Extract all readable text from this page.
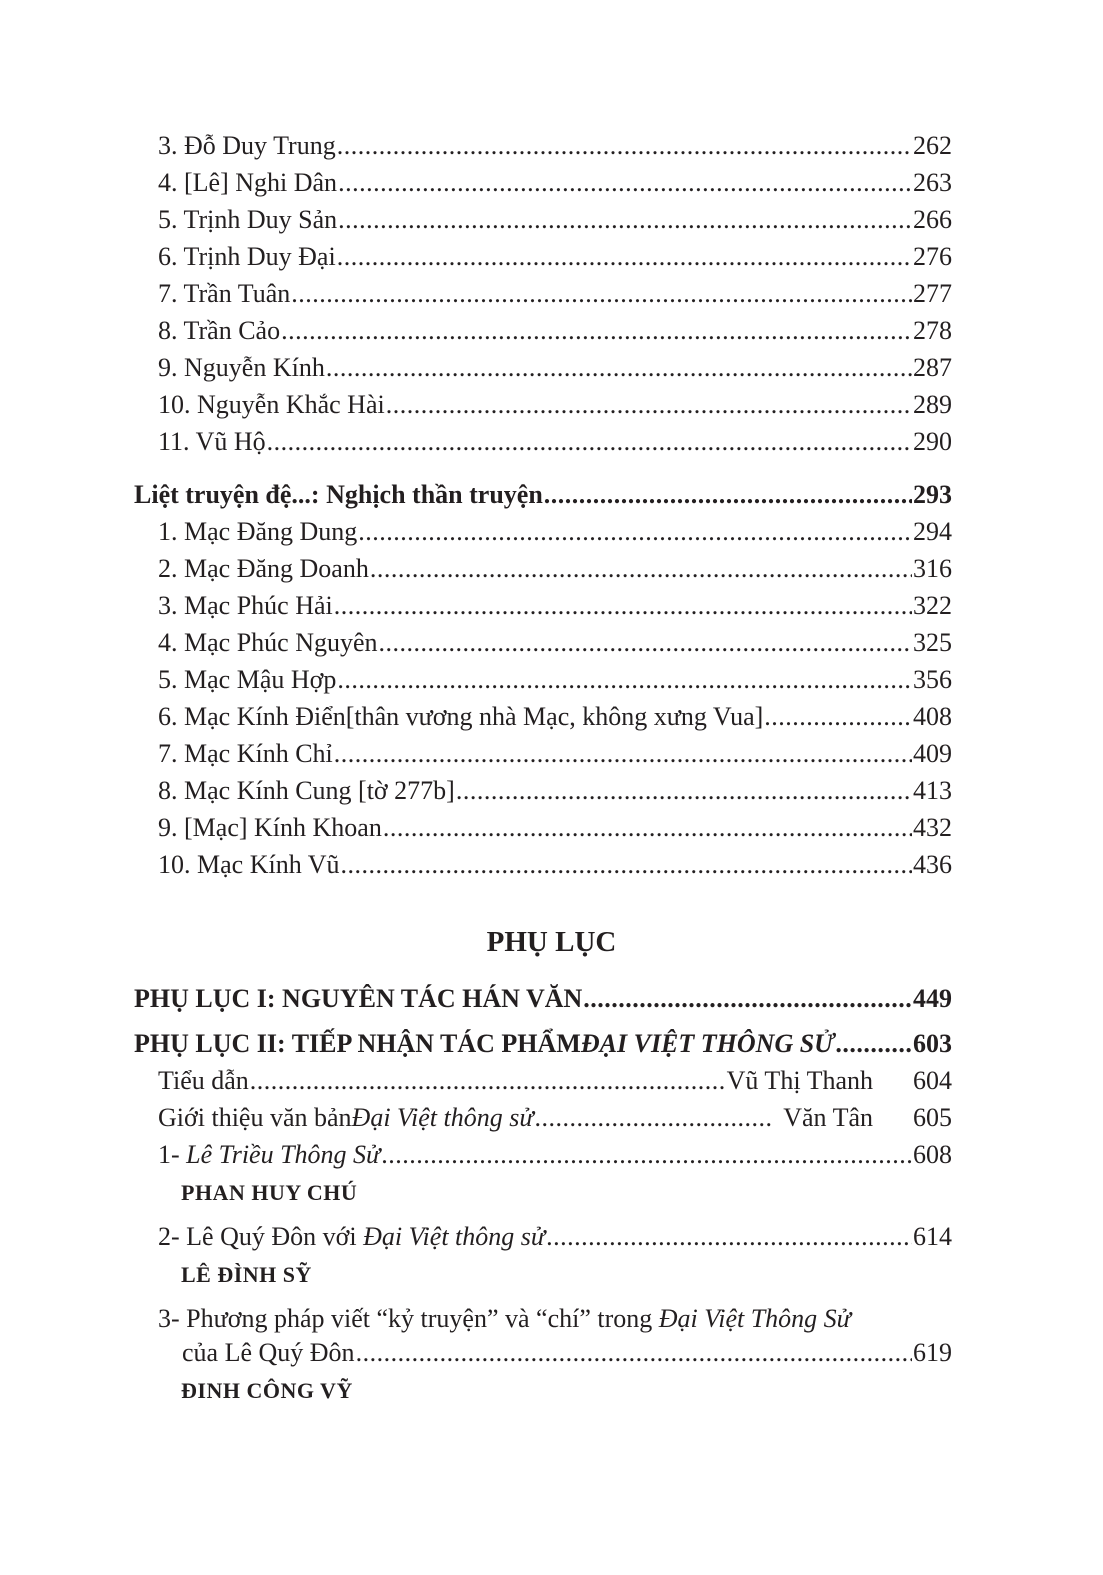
3. Đỗ Duy Trung .....	262
4. [Lê] Nghi Dân .....	263
5. Trịnh Duy Sản .....	266
6. Trịnh Duy Đại .....	276
7. Trần Tuân .....	277
8. Trần Cảo .....	278
9. Nguyễn Kính .....	287
10. Nguyễn Khắc Hài .....	289
11. Vũ Hộ .....	290
Liệt truyện đệ...: Nghịch thần truyện .....	293
1. Mạc Đăng Dung .....	294
2. Mạc Đăng Doanh .....	316
3. Mạc Phúc Hải .....	322
4. Mạc Phúc Nguyên .....	325
5. Mạc Mậu Hợp .....	356
6. Mạc Kính Điển[thân vương nhà Mạc, không xưng Vua] .....	408
7. Mạc Kính Chỉ .....	409
8. Mạc Kính Cung [tờ 277b] .....	413
9. [Mạc] Kính Khoan .....	432
10. Mạc Kính Vũ .....	436
PHỤ LỤC
PHỤ LỤC I: NGUYÊN TÁC HÁN VĂN .....	449
PHỤ LỤC II: TIẾP NHẬN TÁC PHẨM ĐẠI VIỆT THÔNG SỬ .....	603
Tiểu dẫn .....	Vũ Thị Thanh 604
Giới thiệu văn bản Đại Việt thông sử .....	Văn Tân 605
1- Lê Triều Thông Sử .....	608
PHAN HUY CHÚ
2- Lê Quý Đôn với Đại Việt thông sử .....	614
LÊ ĐÌNH SỸ
3- Phương pháp viết “kỷ truyện” và “chí” trong Đại Việt Thông Sử
của Lê Quý Đôn .....	619
ĐINH CÔNG VỸ
